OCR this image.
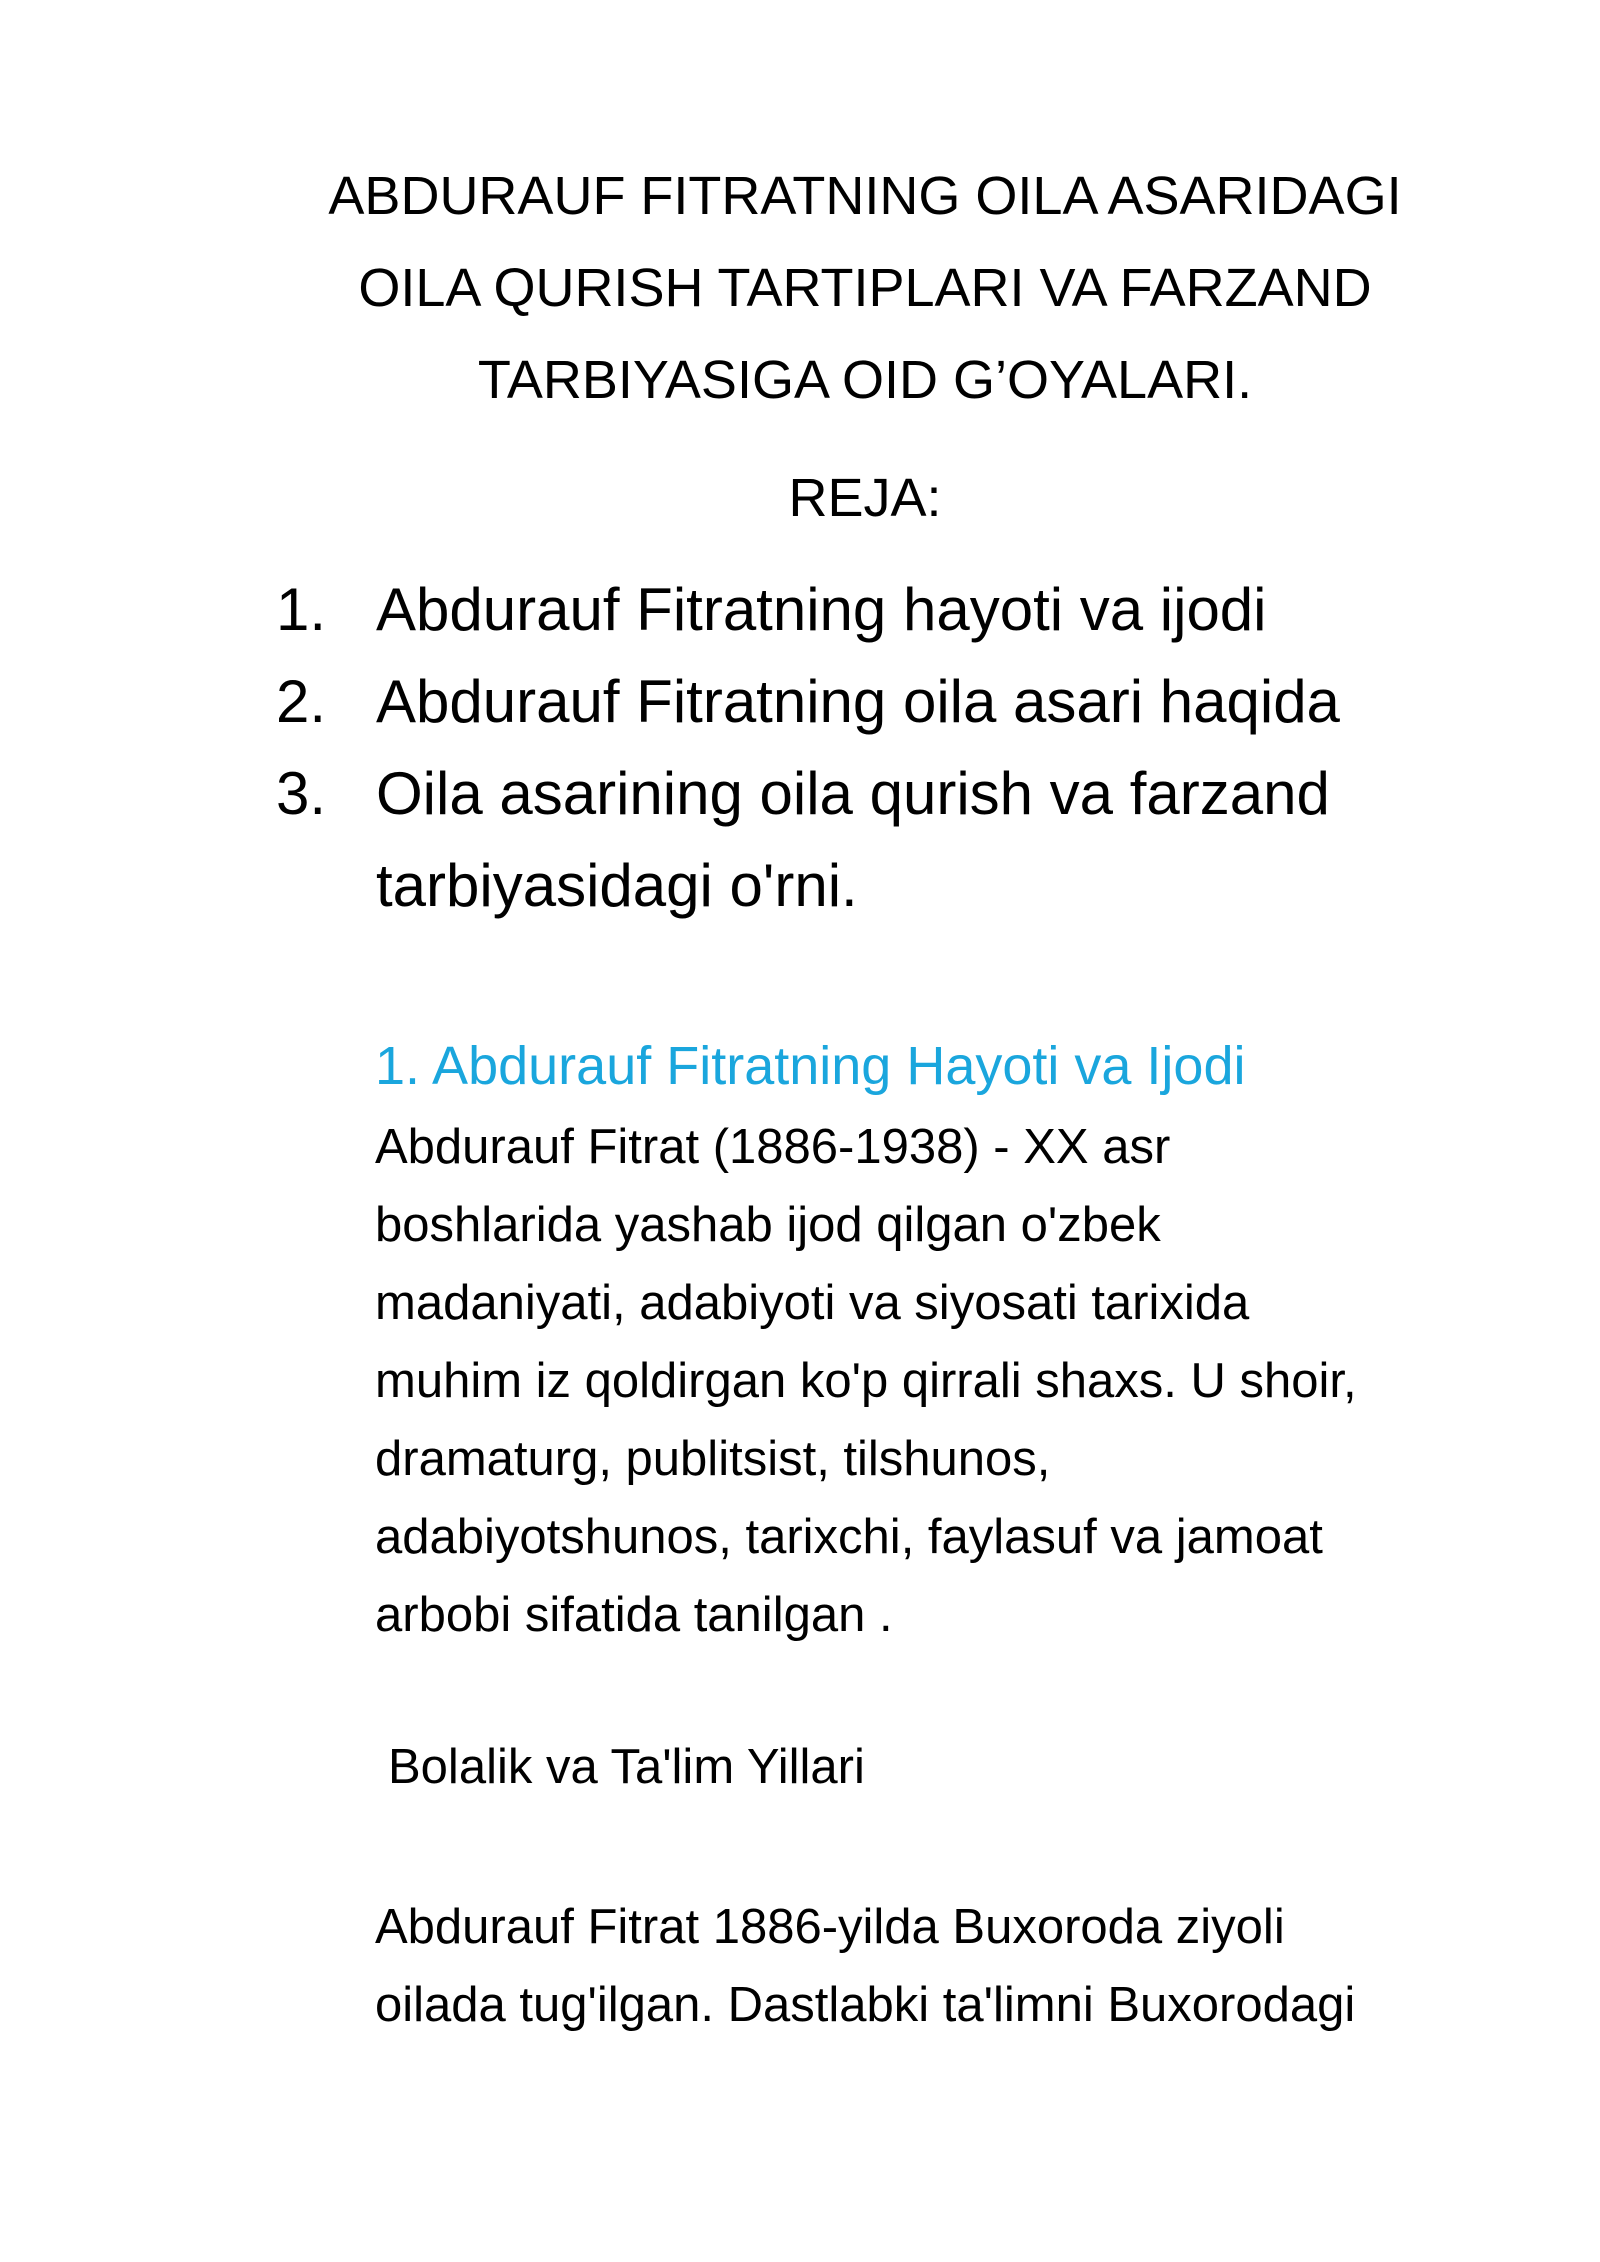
ABDURAUF FITRATNING OILA ASARIDAGI
OILA QURISH TARTIPLARI VA FARZAND
TARBIYASIGA OID G’OYALARI.
REJA:
1. Abdurauf Fitratning hayoti va ijodi
2. Abdurauf Fitratning oila asari haqida
3. Oila asarining oila qurish va farzand
tarbiyasidagi o'rni.
1. Abdurauf Fitratning Hayoti va Ijodi

Abdurauf Fitrat (1886-1938) - XX asr
boshlarida yashab ijod qilgan o'zbek
madaniyati, adabiyoti va siyosati tarixida
muhim iz qoldirgan ko'p qirrali shaxs. U shoir,
dramaturg, publitsist, tilshunos,
adabiyotshunos, tarixchi, faylasuf va jamoat
arbobi sifatida tanilgan .

Bolalik va Ta'lim Yillari

Abdurauf Fitrat 1886-yilda Buxoroda ziyoli
oilada tug'ilgan. Dastlabki ta'limni Buxorodagi
